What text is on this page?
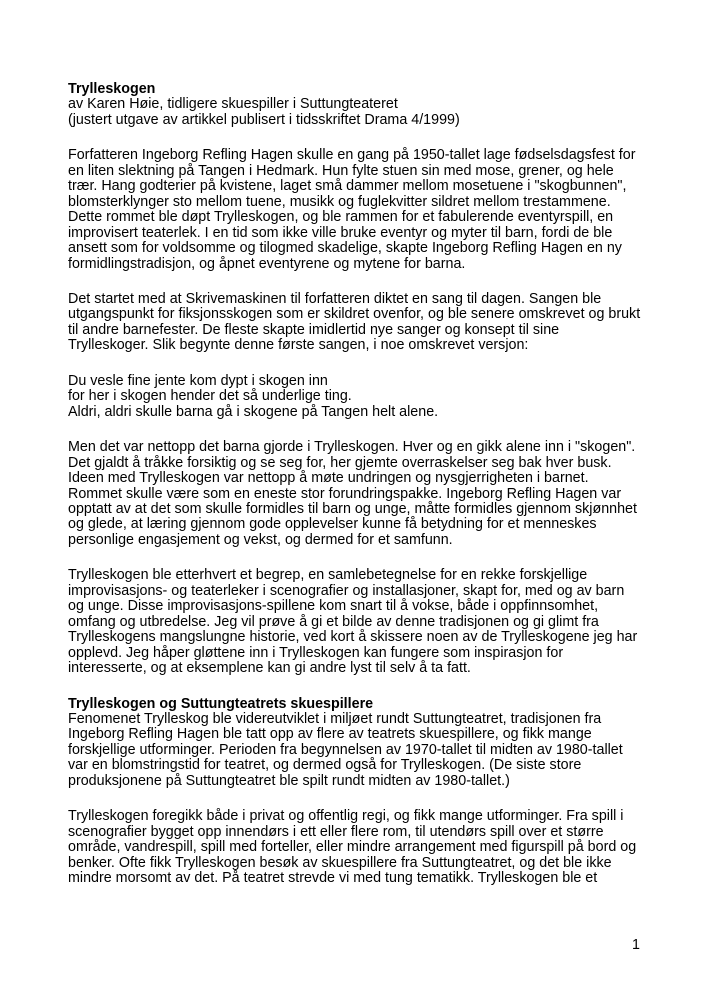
Trylleskogen
av Karen Høie, tidligere skuespiller i Suttungteateret
(justert utgave av artikkel publisert i tidsskriftet Drama 4/1999)

Forfatteren Ingeborg Refling Hagen skulle en gang på 1950-tallet lage fødselsdagsfest for en liten slektning på Tangen i Hedmark. Hun fylte stuen sin med mose, grener, og hele trær. Hang godterier på kvistene, laget små dammer mellom mosetuene i "skogbunnen", blomsterklynger sto mellom tuene, musikk og fuglekvitter sildret mellom trestammene. Dette rommet ble døpt Trylleskogen, og ble rammen for et fabulerende eventyrspill, en improvisert teaterlek. I en tid som ikke ville bruke eventyr og myter til barn, fordi de ble ansett som for voldsomme og tilogmed skadelige, skapte Ingeborg Refling Hagen en ny formidlingstradisjon, og åpnet eventyrene og mytene for barna.

Det startet med at Skrivemaskinen til forfatteren diktet en sang til dagen. Sangen ble utgangspunkt for fiksjonsskogen som er skildret ovenfor, og ble senere omskrevet og brukt til andre barnefester. De fleste skapte imidlertid nye sanger og konsept til sine Trylleskoger. Slik begynte denne første sangen, i noe omskrevet versjon:

Du vesle fine jente kom dypt i skogen inn
for her i skogen hender det så underlige ting.
Aldri, aldri skulle barna gå i skogene på Tangen helt alene.

Men det var nettopp det barna gjorde i Trylleskogen. Hver og en gikk alene inn i "skogen". Det gjaldt å tråkke forsiktig og se seg for, her gjemte overraskelser seg bak hver busk. Ideen med Trylleskogen var nettopp å møte undringen og nysgjerrigheten i barnet. Rommet skulle være som en eneste stor forundringspakke. Ingeborg Refling Hagen var opptatt av at det som skulle formidles til barn og unge, måtte formidles gjennom skjønnhet og glede, at læring gjennom gode opplevelser kunne få betydning for et menneskes personlige engasjement og vekst, og dermed for et samfunn.

Trylleskogen ble etterhvert et begrep, en samlebetegnelse for en rekke forskjellige improvisasjons- og teaterleker i scenografier og installasjoner, skapt for, med og av barn og unge. Disse improvisasjons-spillene kom snart til å vokse, både i oppfinnsomhet, omfang og utbredelse. Jeg vil prøve å gi et bilde av denne tradisjonen og gi glimt fra Trylleskogens mangslungne historie, ved kort å skissere noen av de Trylleskogene jeg har opplevd. Jeg håper gløttene inn i Trylleskogen kan fungere som inspirasjon for interesserte, og at eksemplene kan gi andre lyst til selv å ta fatt.

Trylleskogen og Suttungteatrets skuespillere

Fenomenet Trylleskog ble videreutviklet i miljøet rundt Suttungteatret, tradisjonen fra Ingeborg Refling Hagen ble tatt opp av flere av teatrets skuespillere, og fikk mange forskjellige utforminger. Perioden fra begynnelsen av 1970-tallet til midten av 1980-tallet var en blomstringstid for teatret, og dermed også for Trylleskogen. (De siste store produksjonene på Suttungteatret ble spilt rundt midten av 1980-tallet.)

Trylleskogen foregikk både i privat og offentlig regi, og fikk mange utforminger. Fra spill i scenografier bygget opp innendørs i ett eller flere rom, til utendørs spill over et større område, vandrespill, spill med forteller, eller mindre arrangement med figurspill på bord og benker. Ofte fikk Trylleskogen besøk av skuespillere fra Suttungteatret, og det ble ikke mindre morsomt av det. På teatret strevde vi med tung tematikk. Trylleskogen ble et

1
